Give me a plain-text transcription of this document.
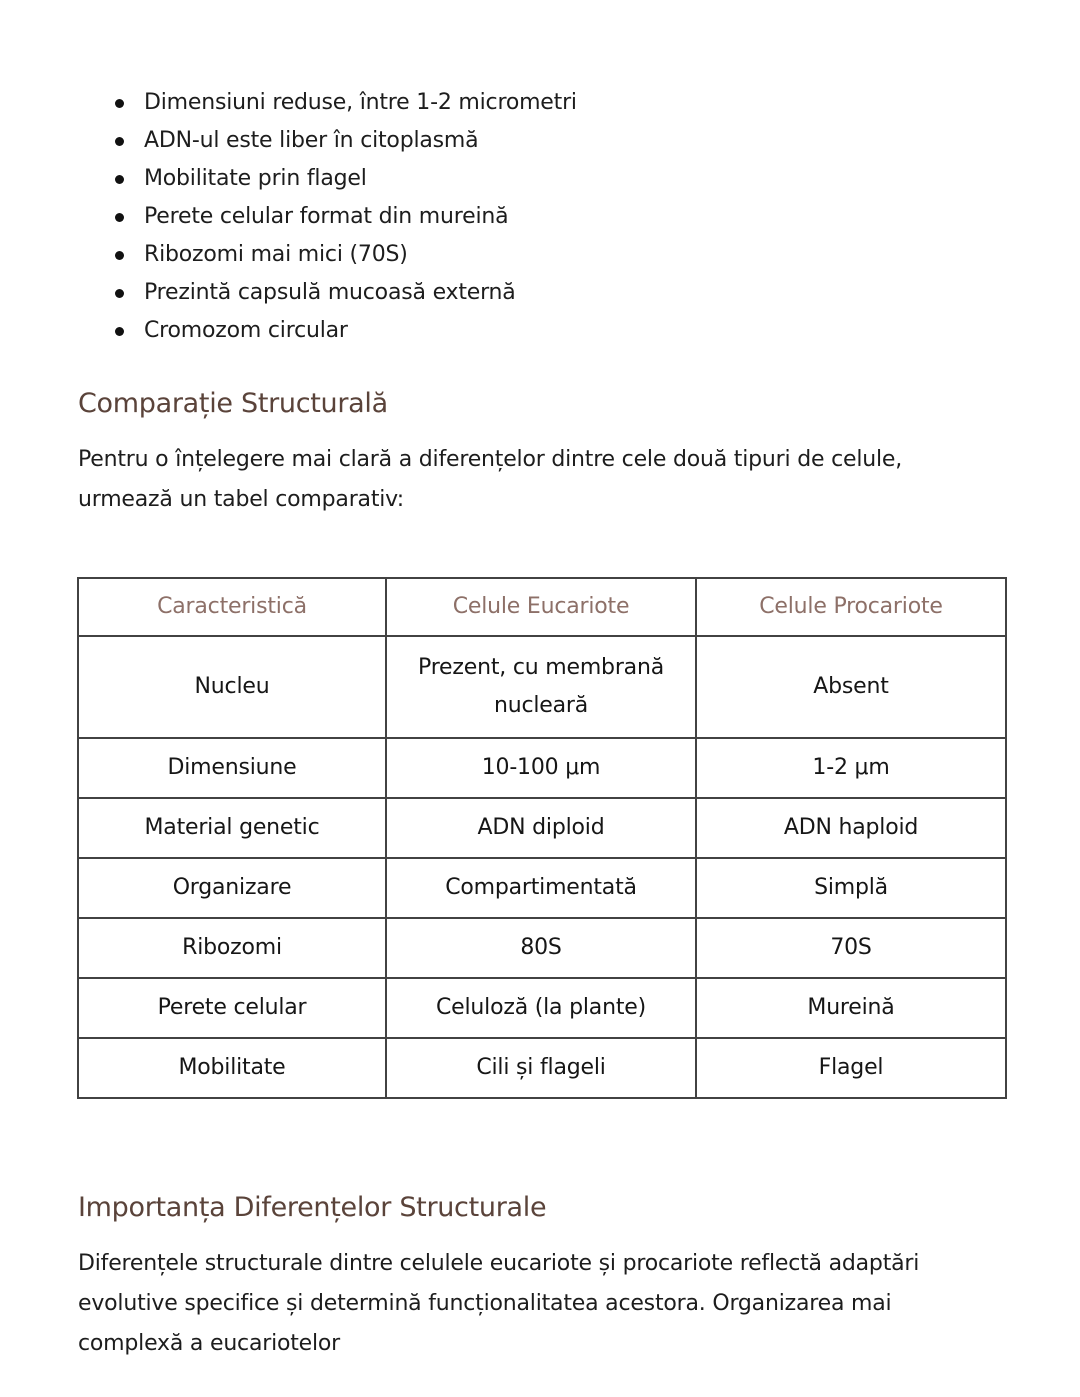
Dimensiuni reduse, între 1-2 micrometri
ADN-ul este liber în citoplasmă
Mobilitate prin flagel
Perete celular format din mureină
Ribozomi mai mici (70S)
Prezintă capsulă mucoasă externă
Cromozom circular
Comparație Structurală

Pentru o înțelegere mai clară a diferențelor dintre cele două tipuri de celule, urmează un tabel comparativ:

Caracteristică	Celule Eucariote	Celule Procariote
Nucleu	Prezent, cu membrană nucleară	Absent
Dimensiune	10-100 μm	1-2 μm
Material genetic	ADN diploid	ADN haploid
Organizare	Compartimentată	Simplă
Ribozomi	80S	70S
Perete celular	Celuloză (la plante)	Mureină
Mobilitate	Cili și flageli	Flagel
Importanța Diferențelor Structurale

Diferențele structurale dintre celulele eucariote și procariote reflectă adaptări evolutive specifice și determină funcționalitatea acestora. Organizarea mai complexă a eucariotelor
